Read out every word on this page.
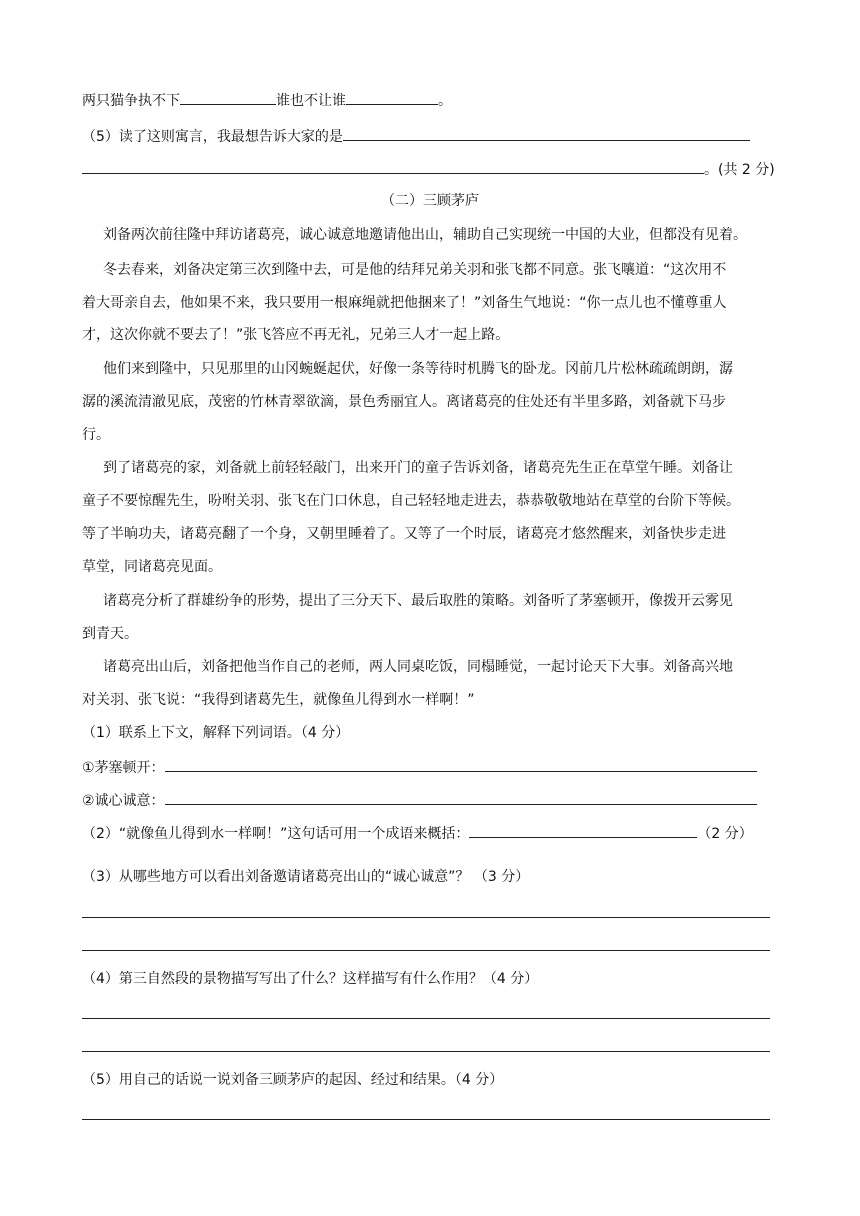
两只猫争执不下	谁也不让谁	。
（5）读了这则寓言，我最想告诉大家的是
。(共 2 分)
（二）三顾茅庐
刘备两次前往隆中拜访诸葛亮，诚心诚意地邀请他出山，辅助自己实现统一中国的大业，但都没有见着。
冬去春来，刘备决定第三次到隆中去，可是他的结拜兄弟关羽和张飞都不同意。张飞嚷道：“这次用不
着大哥亲自去，他如果不来，我只要用一根麻绳就把他捆来了！”刘备生气地说：“你一点儿也不懂尊重人
才，这次你就不要去了！”张飞答应不再无礼，兄弟三人才一起上路。
他们来到隆中，只见那里的山冈蜿蜒起伏，好像一条等待时机腾飞的卧龙。冈前几片松林疏疏朗朗，潺
潺的溪流清澈见底，茂密的竹林青翠欲滴，景色秀丽宜人。离诸葛亮的住处还有半里多路，刘备就下马步
行。
到了诸葛亮的家，刘备就上前轻轻敲门，出来开门的童子告诉刘备，诸葛亮先生正在草堂午睡。刘备让
童子不要惊醒先生，吩咐关羽、张飞在门口休息，自己轻轻地走进去，恭恭敬敬地站在草堂的台阶下等候。
等了半晌功夫，诸葛亮翻了一个身，又朝里睡着了。又等了一个时辰，诸葛亮才悠然醒来，刘备快步走进
草堂，同诸葛亮见面。
诸葛亮分析了群雄纷争的形势，提出了三分天下、最后取胜的策略。刘备听了茅塞顿开，像拨开云雾见
到青天。
诸葛亮出山后，刘备把他当作自己的老师，两人同桌吃饭，同榻睡觉，一起讨论天下大事。刘备高兴地
对关羽、张飞说：“我得到诸葛先生，就像鱼儿得到水一样啊！”
（1）联系上下文，解释下列词语。（4 分）
①茅塞顿开：
②诚心诚意：
（2）“就像鱼儿得到水一样啊！”这句话可用一个成语来概括：	（2 分）
（3）从哪些地方可以看出刘备邀请诸葛亮出山的“诚心诚意”？ （3 分）
（4）第三自然段的景物描写写出了什么？这样描写有什么作用？（4 分）
（5）用自己的话说一说刘备三顾茅庐的起因、经过和结果。（4 分）
